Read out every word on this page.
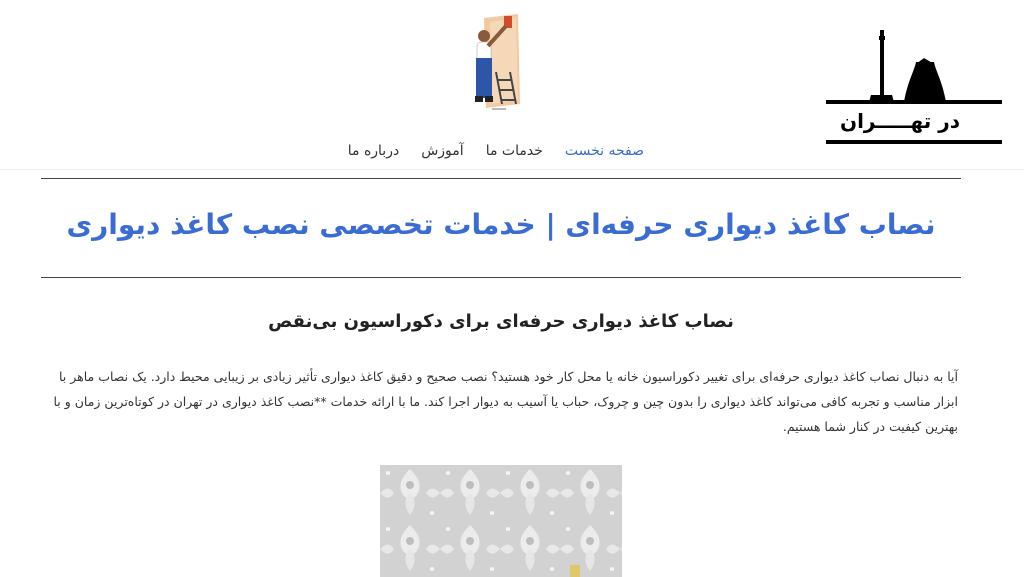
در تهـــــران
صفحه نخست
خدمات ما
آموزش
درباره ما
نصاب کاغذ دیواری حرفه‌ای | خدمات تخصصی نصب کاغذ دیواری
نصاب کاغذ دیواری حرفه‌ای برای دکوراسیون بی‌نقص

آیا به دنبال نصاب کاغذ دیواری حرفه‌ای برای تغییر دکوراسیون خانه یا محل کار خود هستید؟ نصب صحیح و دقیق کاغذ دیواری تأثیر زیادی بر زیبایی محیط دارد. یک نصاب ماهر با ابزار مناسب و تجربه کافی می‌تواند کاغذ دیواری را بدون چین و چروک، حباب یا آسیب به دیوار اجرا کند. ما با ارائه خدمات **نصب کاغذ دیواری در تهران در کوتاه‌ترین زمان و با بهترین کیفیت در کنار شما هستیم.
